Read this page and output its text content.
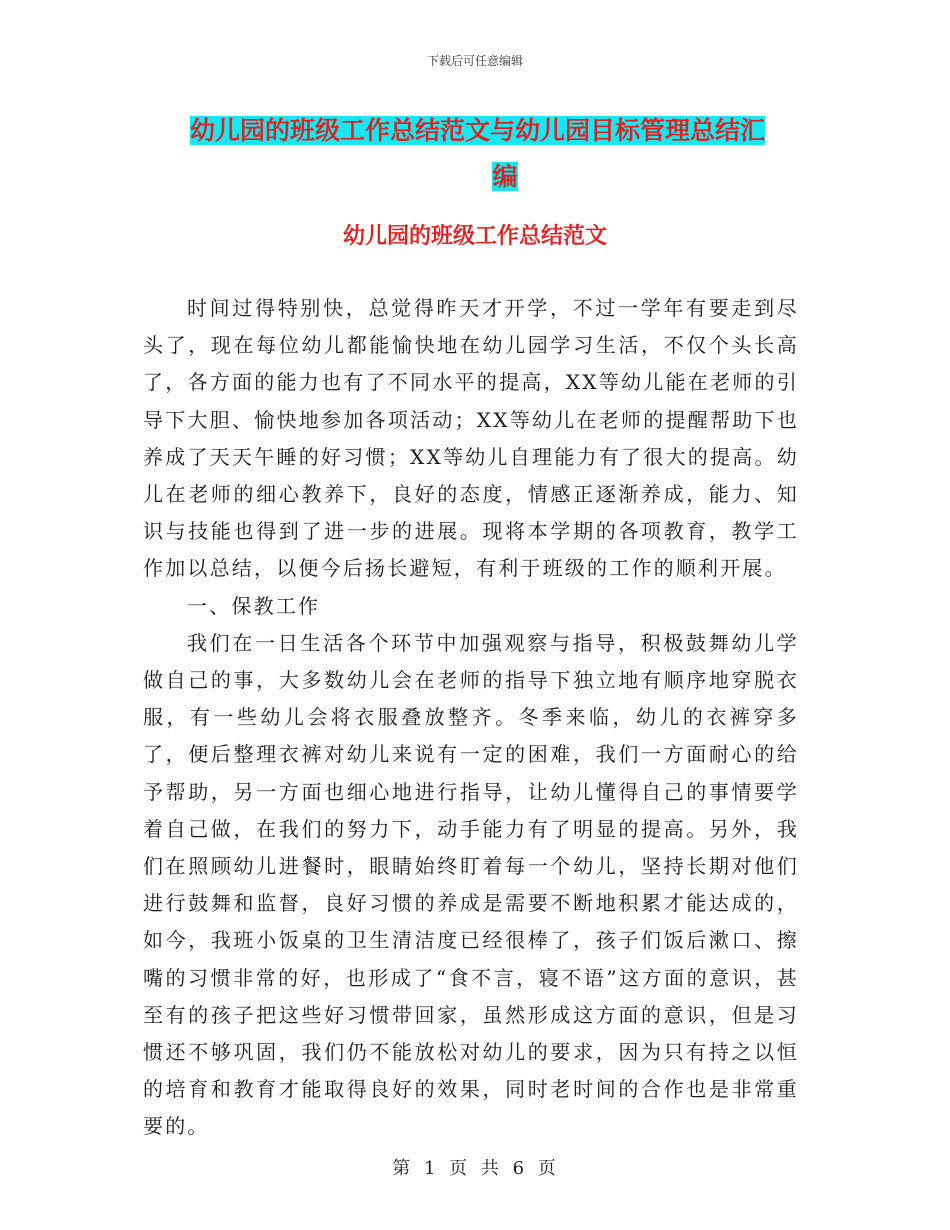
下载后可任意编辑
幼儿园的班级工作总结范文与幼儿园目标管理总结汇
编
幼儿园的班级工作总结范文

时间过得特别快，总觉得昨天才开学，不过一学年有要走到尽头了，现在每位幼儿都能愉快地在幼儿园学习生活，不仅个头长高了，各方面的能力也有了不同水平的提高，XX等幼儿能在老师的引导下大胆、愉快地参加各项活动；XX等幼儿在老师的提醒帮助下也养成了天天午睡的好习惯；XX等幼儿自理能力有了很大的提高。幼儿在老师的细心教养下，良好的态度，情感正逐渐养成，能力、知识与技能也得到了进一步的进展。现将本学期的各项教育，教学工作加以总结，以便今后扬长避短，有利于班级的工作的顺利开展。

一、保教工作

我们在一日生活各个环节中加强观察与指导，积极鼓舞幼儿学做自己的事，大多数幼儿会在老师的指导下独立地有顺序地穿脱衣服，有一些幼儿会将衣服叠放整齐。冬季来临，幼儿的衣裤穿多了，便后整理衣裤对幼儿来说有一定的困难，我们一方面耐心的给予帮助，另一方面也细心地进行指导，让幼儿懂得自己的事情要学着自己做，在我们的努力下，动手能力有了明显的提高。另外，我们在照顾幼儿进餐时，眼睛始终盯着每一个幼儿，坚持长期对他们进行鼓舞和监督，良好习惯的养成是需要不断地积累才能达成的，如今，我班小饭桌的卫生清洁度已经很棒了，孩子们饭后漱口、擦嘴的习惯非常的好，也形成了“食不言，寝不语”这方面的意识，甚至有的孩子把这些好习惯带回家，虽然形成这方面的意识，但是习惯还不够巩固，我们仍不能放松对幼儿的要求，因为只有持之以恒的培育和教育才能取得良好的效果，同时老时间的合作也是非常重要的。

第 1 页 共 6 页
